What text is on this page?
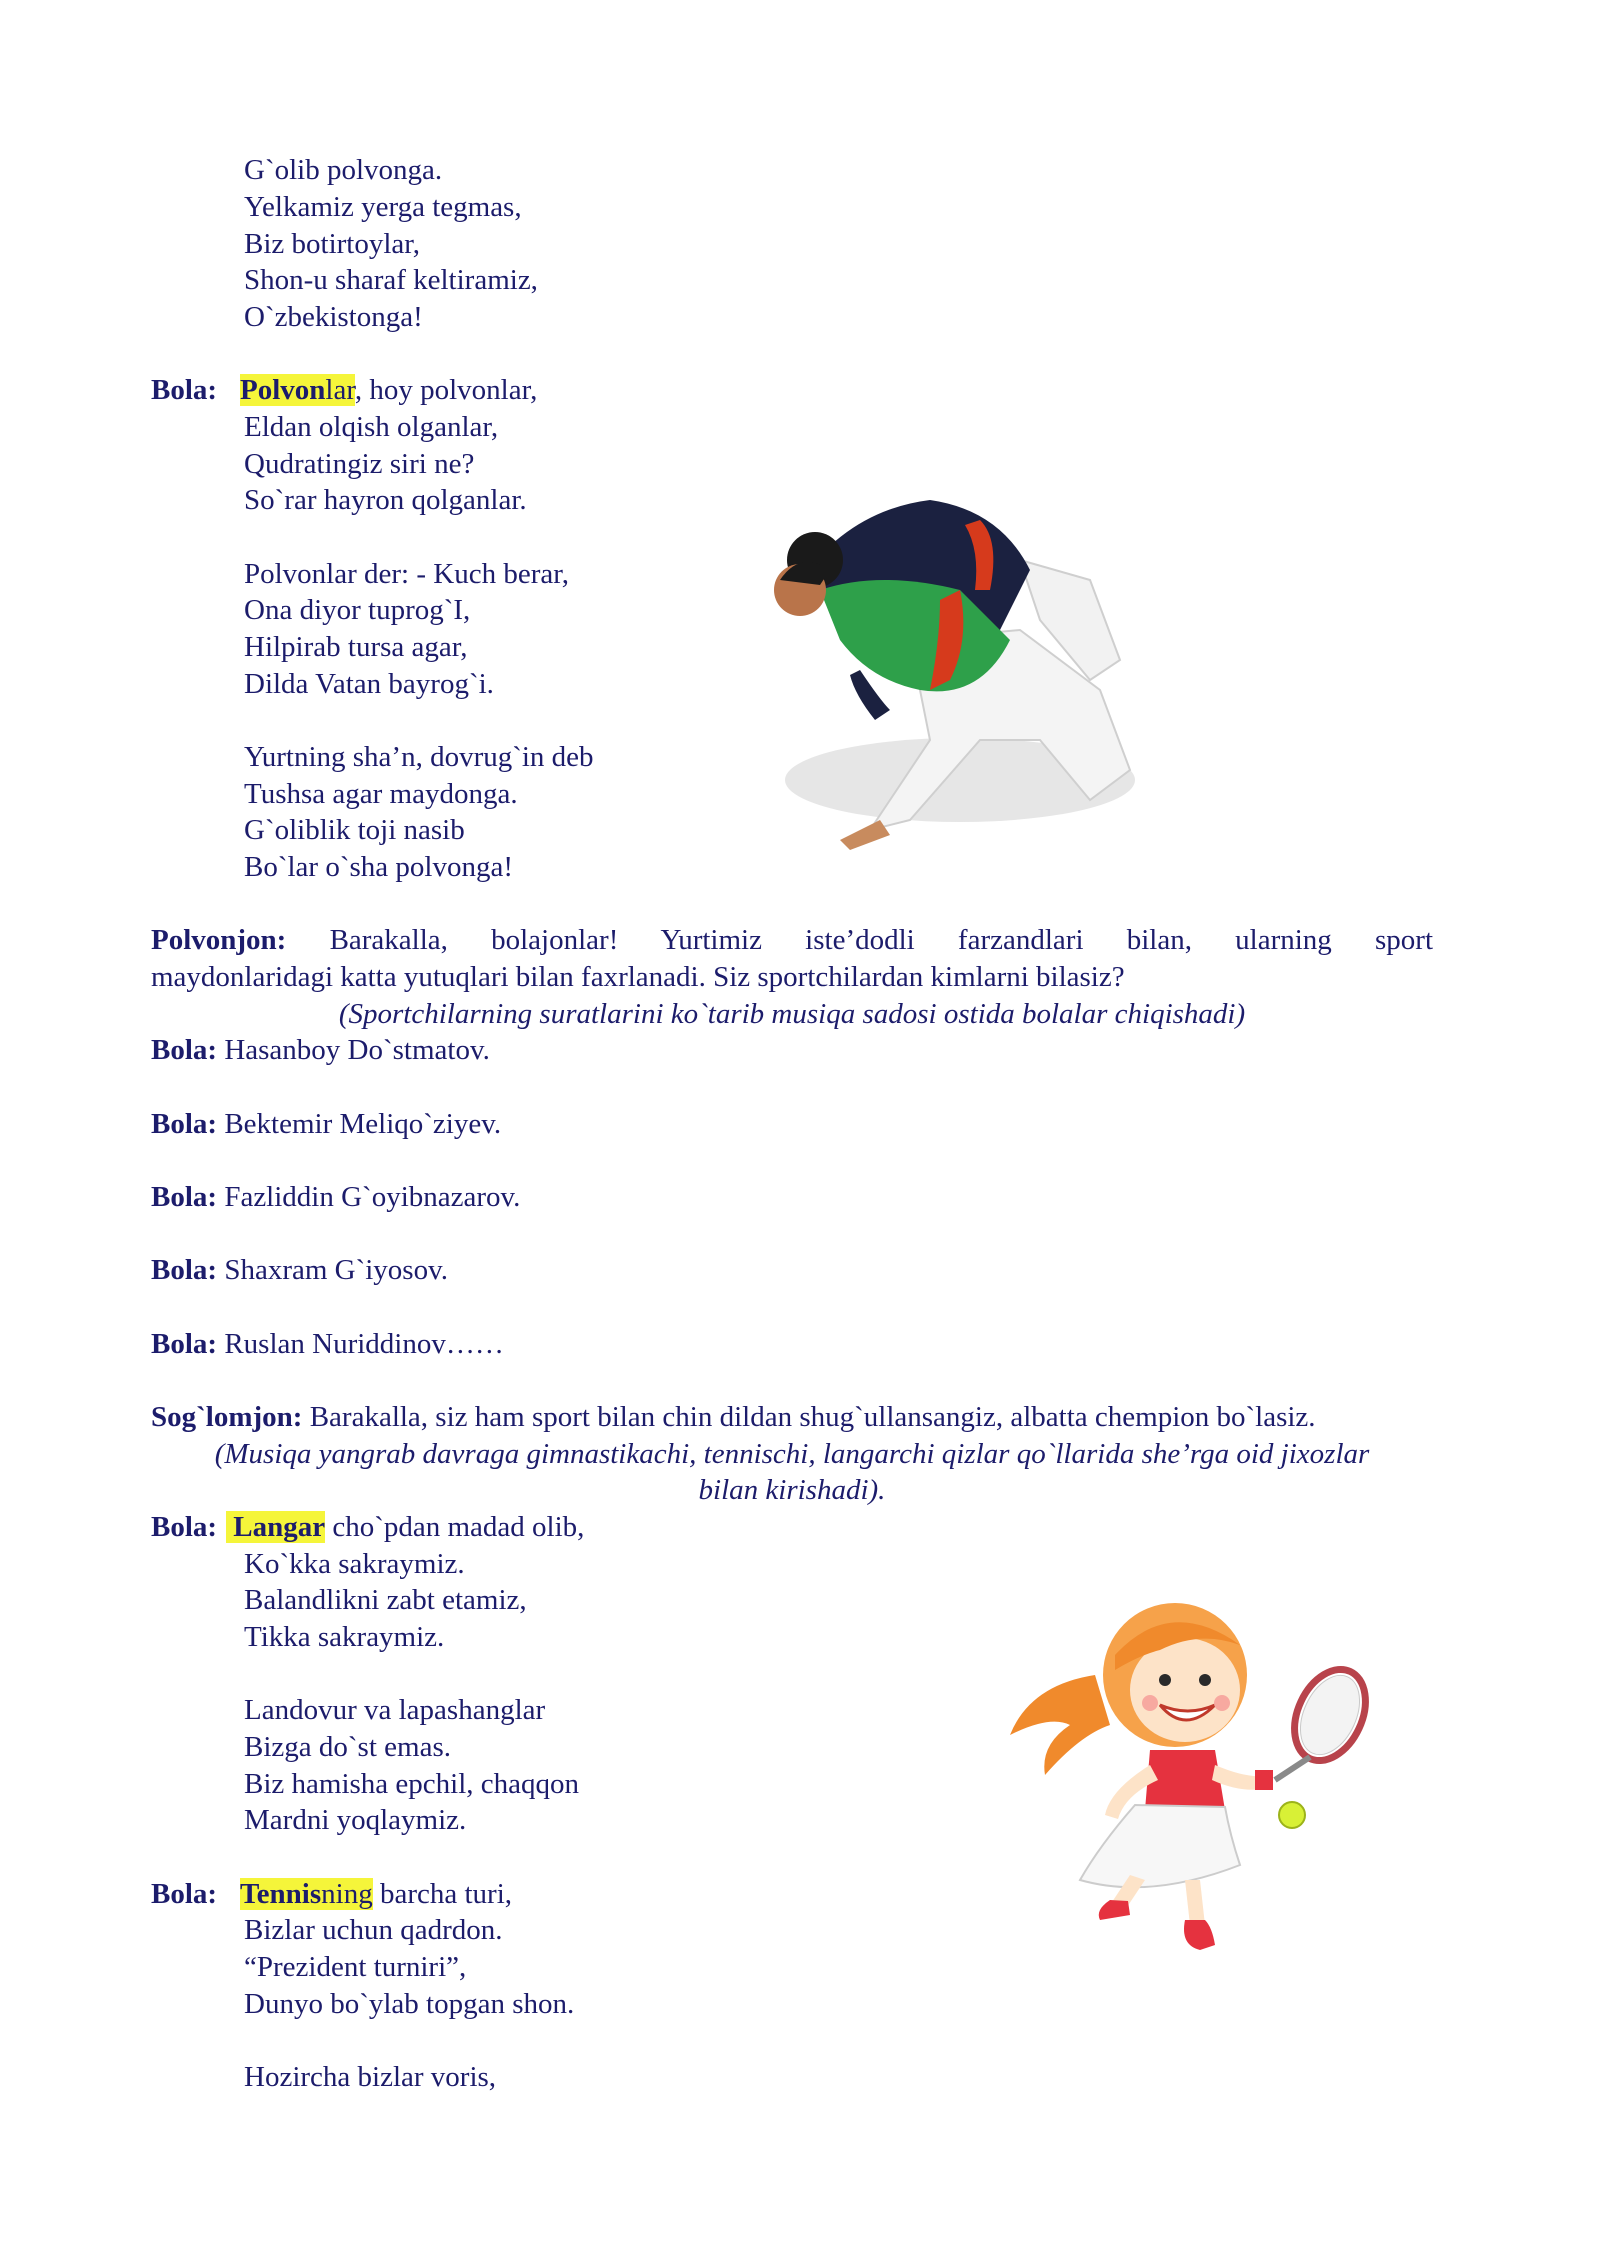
G`olib polvonga.
Yelkamiz yerga tegmas,
Biz botirtoylar,
Shon-u sharaf keltiramiz,
O`zbekistonga!
Bola: Polvonlar, hoy polvonlar,
Eldan olqish olganlar,
Qudratingiz siri ne?
So`rar hayron qolganlar.
Polvonlar der: - Kuch berar,
Ona diyor tuprog`I,
Hilpirab tursa agar,
Dilda Vatan bayrog`i.
Yurtning sha’n, dovrug`in deb
Tushsa agar maydonga.
G`oliblik toji nasib
Bo`lar o`sha polvonga!
Polvonjon: Barakalla, bolajonlar! Yurtimiz iste’dodli farzandlari bilan, ularning sport
maydonlaridagi katta yutuqlari bilan faxrlanadi. Siz sportchilardan kimlarni bilasiz?
(Sportchilarning suratlarini ko`tarib musiqa sadosi ostida bolalar chiqishadi)
Bola: Hasanboy Do`stmatov.
Bola: Bektemir Meliqo`ziyev.
Bola: Fazliddin G`oyibnazarov.
Bola: Shaxram G`iyosov.
Bola: Ruslan Nuriddinov……
Sog`lomjon: Barakalla, siz ham sport bilan chin dildan shug`ullansangiz, albatta chempion bo`lasiz.
(Musiqa yangrab davraga gimnastikachi, tennischi, langarchi qizlar qo`llarida she’rga oid jixozlar
bilan kirishadi).
Bola: Langar cho`pdan madad olib,
Ko`kka sakraymiz.
Balandlikni zabt etamiz,
Tikka sakraymiz.
Landovur va lapashanglar
Bizga do`st emas.
Biz hamisha epchil, chaqqon
Mardni yoqlaymiz.
Bola: Tennisning barcha turi,
Bizlar uchun qadrdon.
“Prezident turniri”,
Dunyo bo`ylab topgan shon.
Hozircha bizlar voris,
